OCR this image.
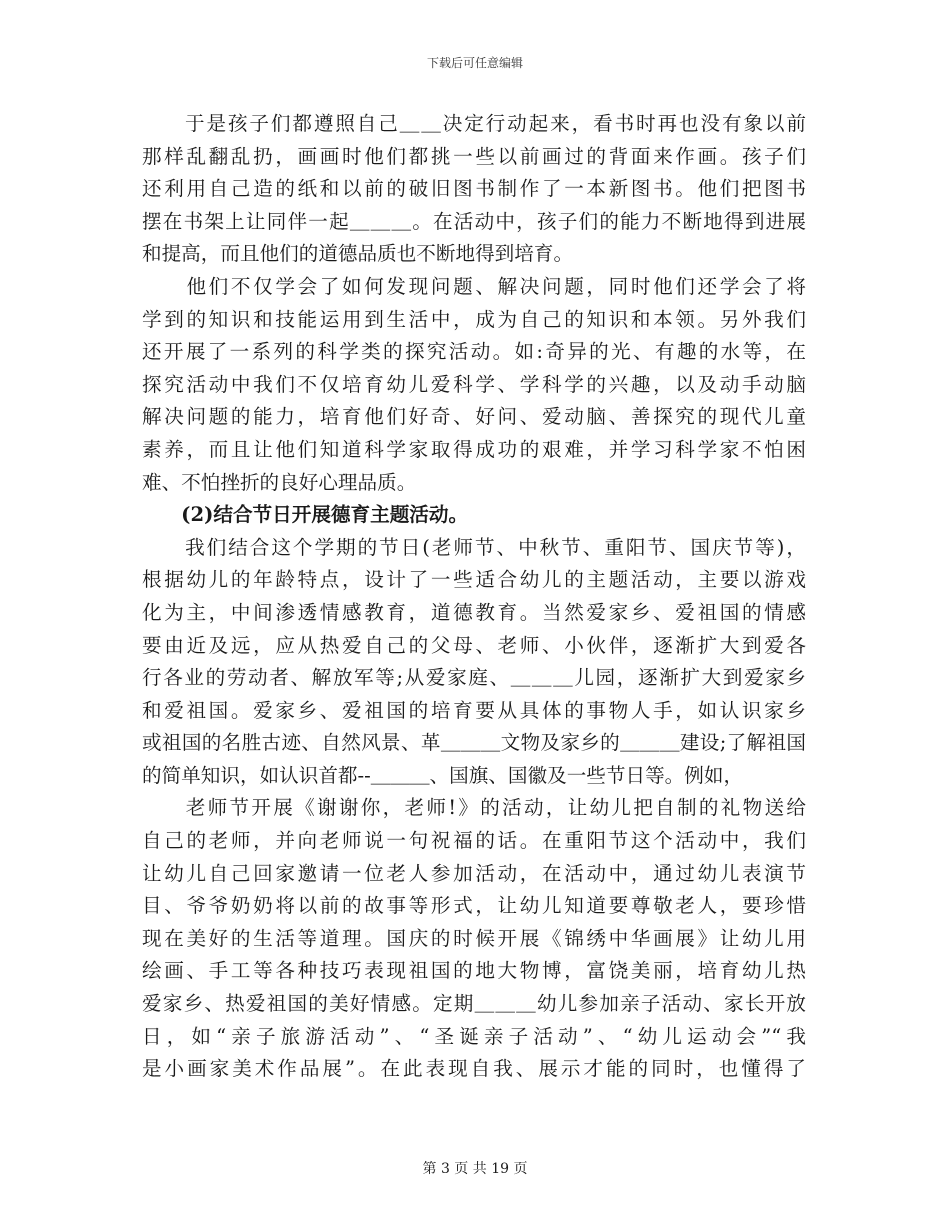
下载后可任意编辑
　　于是孩子们都遵照自己＿＿决定行动起来，看书时再也没有象以前
那样乱翻乱扔，画画时他们都挑一些以前画过的背面来作画。孩子们
还利用自己造的纸和以前的破旧图书制作了一本新图书。他们把图书
摆在书架上让同伴一起＿＿＿。在活动中，孩子们的能力不断地得到进展
和提高，而且他们的道德品质也不断地得到培育。
　　他们不仅学会了如何发现问题、解决问题，同时他们还学会了将
学到的知识和技能运用到生活中，成为自己的知识和本领。另外我们
还开展了一系列的科学类的探究活动。如:奇异的光、有趣的水等，在
探究活动中我们不仅培育幼儿爱科学、学科学的兴趣，以及动手动脑
解决问题的能力，培育他们好奇、好问、爱动脑、善探究的现代儿童
素养，而且让他们知道科学家取得成功的艰难，并学习科学家不怕困
难、不怕挫折的良好心理品质。
　　(2)结合节日开展德育主题活动。
　　我们结合这个学期的节日(老师节、中秋节、重阳节、国庆节等)，
根据幼儿的年龄特点，设计了一些适合幼儿的主题活动，主要以游戏
化为主，中间渗透情感教育，道德教育。当然爱家乡、爱祖国的情感
要由近及远，应从热爱自己的父母、老师、小伙伴，逐渐扩大到爱各
行各业的劳动者、解放军等;从爱家庭、＿＿＿儿园，逐渐扩大到爱家乡
和爱祖国。爱家乡、爱祖国的培育要从具体的事物人手，如认识家乡
或祖国的名胜古迹、自然风景、革＿＿＿文物及家乡的＿＿＿建设;了解祖国
的简单知识，如认识首都--＿＿＿、国旗、国徽及一些节日等。例如，
　　老师节开展《谢谢你，老师!》的活动，让幼儿把自制的礼物送给
自己的老师，并向老师说一句祝福的话。在重阳节这个活动中，我们
让幼儿自己回家邀请一位老人参加活动，在活动中，通过幼儿表演节
目、爷爷奶奶将以前的故事等形式，让幼儿知道要尊敬老人，要珍惜
现在美好的生活等道理。国庆的时候开展《锦绣中华画展》让幼儿用
绘画、手工等各种技巧表现祖国的地大物博，富饶美丽，培育幼儿热
爱家乡、热爱祖国的美好情感。定期＿＿＿幼儿参加亲子活动、家长开放
日，如“亲子旅游活动”、“圣诞亲子活动”、“幼儿运动会”“我
是小画家美术作品展”。在此表现自我、展示才能的同时，也懂得了
第 3 页 共 19 页
